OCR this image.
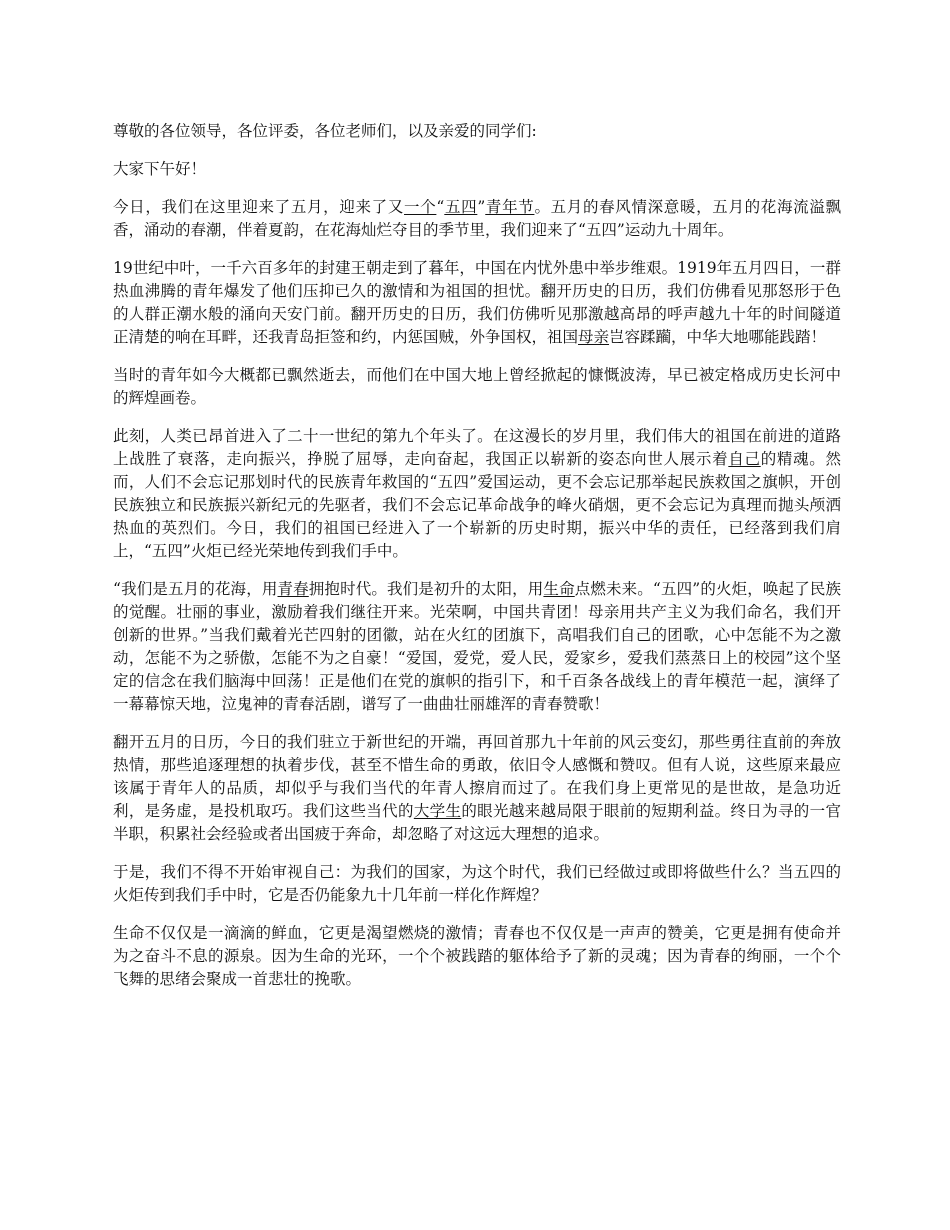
尊敬的各位领导，各位评委，各位老师们，以及亲爱的同学们:

大家下午好！

今日，我们在这里迎来了五月，迎来了又一个“五四”青年节。五月的春风情深意暖，五月的花海流溢飘香，涌动的春潮，伴着夏韵，在花海灿烂夺目的季节里，我们迎来了“五四”运动九十周年。

19世纪中叶，一千六百多年的封建王朝走到了暮年，中国在内忧外患中举步维艰。1919年五月四日，一群热血沸腾的青年爆发了他们压抑已久的激情和为祖国的担忧。翻开历史的日历，我们仿佛看见那怒形于色的人群正潮水般的涌向天安门前。翻开历史的日历，我们仿佛听见那激越高昂的呼声越九十年的时间隧道正清楚的响在耳畔，还我青岛拒签和约，内惩国贼，外争国权，祖国母亲岂容蹂躏，中华大地哪能践踏！

当时的青年如今大概都已飘然逝去，而他们在中国大地上曾经掀起的慷慨波涛，早已被定格成历史长河中的辉煌画卷。

此刻，人类已昂首进入了二十一世纪的第九个年头了。在这漫长的岁月里，我们伟大的祖国在前进的道路上战胜了衰落，走向振兴，挣脱了屈辱，走向奋起，我国正以崭新的姿态向世人展示着自己的精魂。然而，人们不会忘记那划时代的民族青年救国的“五四”爱国运动，更不会忘记那举起民族救国之旗帜，开创民族独立和民族振兴新纪元的先驱者，我们不会忘记革命战争的峰火硝烟，更不会忘记为真理而抛头颅洒热血的英烈们。今日，我们的祖国已经进入了一个崭新的历史时期，振兴中华的责任，已经落到我们肩上，“五四”火炬已经光荣地传到我们手中。

“我们是五月的花海，用青春拥抱时代。我们是初升的太阳，用生命点燃未来。“五四”的火炬，唤起了民族的觉醒。壮丽的事业，激励着我们继往开来。光荣啊，中国共青团！母亲用共产主义为我们命名，我们开创新的世界。”当我们戴着光芒四射的团徽，站在火红的团旗下，高唱我们自己的团歌，心中怎能不为之激动，怎能不为之骄傲，怎能不为之自豪！“爱国，爱党，爱人民，爱家乡，爱我们蒸蒸日上的校园”这个坚定的信念在我们脑海中回荡！正是他们在党的旗帜的指引下，和千百条各战线上的青年模范一起，演绎了一幕幕惊天地，泣鬼神的青春活剧，谱写了一曲曲壮丽雄浑的青春赞歌！

翻开五月的日历，今日的我们驻立于新世纪的开端，再回首那九十年前的风云变幻，那些勇往直前的奔放热情，那些追逐理想的执着步伐，甚至不惜生命的勇敢，依旧令人感慨和赞叹。但有人说，这些原来最应该属于青年人的品质，却似乎与我们当代的年青人擦肩而过了。在我们身上更常见的是世故，是急功近利，是务虚，是投机取巧。我们这些当代的大学生的眼光越来越局限于眼前的短期利益。终日为寻的一官半职，积累社会经验或者出国疲于奔命，却忽略了对这远大理想的追求。

于是，我们不得不开始审视自己：为我们的国家，为这个时代，我们已经做过或即将做些什么？当五四的火炬传到我们手中时，它是否仍能象九十几年前一样化作辉煌？

生命不仅仅是一滴滴的鲜血，它更是渴望燃烧的激情；青春也不仅仅是一声声的赞美，它更是拥有使命并为之奋斗不息的源泉。因为生命的光环，一个个被践踏的躯体给予了新的灵魂；因为青春的绚丽，一个个飞舞的思绪会聚成一首悲壮的挽歌。
